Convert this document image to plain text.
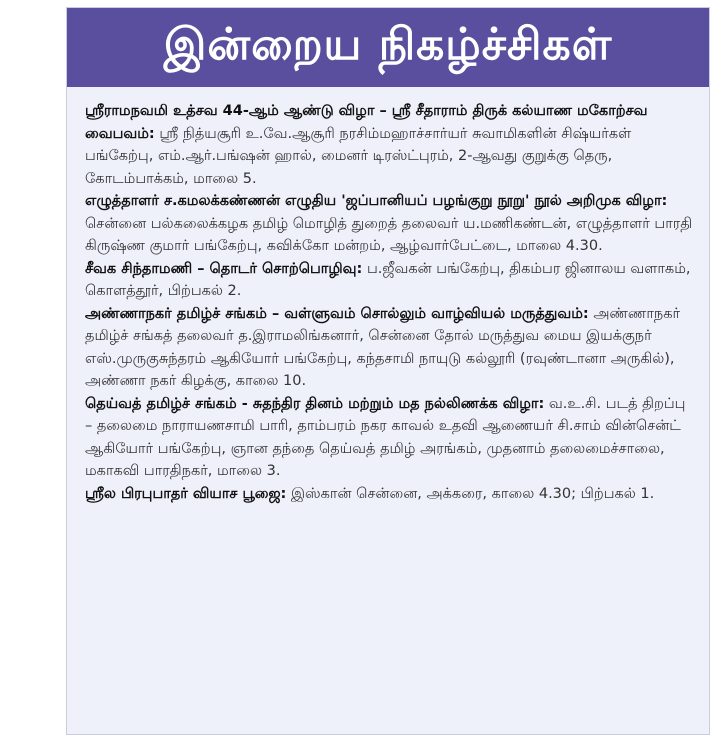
இன்றைய நிகழ்ச்சிகள்

ஸ்ரீராமநவமி உத்சவ 44-ஆம் ஆண்டு விழா – ஸ்ரீ சீதாராம் திருக் கல்யாண மகோற்சவ வைபவம்: ஸ்ரீ நித்யசூரி உ.வே.ஆசூரி நரசிம்மஹாச்சார்யர் சுவாமிகளின் சிஷ்யர்கள் பங்கேற்பு, எம்.ஆர்.பங்ஷன் ஹால், மைனர் டிரஸ்ட்புரம், 2-ஆவது குறுக்கு தெரு, கோடம்பாக்கம், மாலை 5.

எழுத்தாளர் ச.கமலக்கண்ணன் எழுதிய 'ஜப்பானியப் பழங்குறு நூறு' நூல் அறிமுக விழா: சென்னை பல்கலைக்கழக தமிழ் மொழித் துறைத் தலைவர் ய.மணிகண்டன், எழுத்தாளர் பாரதி கிருஷ்ண குமார் பங்கேற்பு, கவிக்கோ மன்றம், ஆழ்வார்பேட்டை, மாலை 4.30.

சீவக சிந்தாமணி – தொடர் சொற்பொழிவு: ப.ஜீவகன் பங்கேற்பு, திகம்பர ஜினாலய வளாகம், கொளத்தூர், பிற்பகல் 2.

அண்ணாநகர் தமிழ்ச் சங்கம் – வள்ளுவம் சொல்லும் வாழ்வியல் மருத்துவம்: அண்ணாநகர் தமிழ்ச் சங்கத் தலைவர் த.இராமலிங்கனார், சென்னை தோல் மருத்துவ மைய இயக்குநர் எஸ்.முருகுசுந்தரம் ஆகியோர் பங்கேற்பு, கந்தசாமி நாயுடு கல்லூரி (ரவுண்டானா அருகில்), அண்ணா நகர் கிழக்கு, காலை 10.

தெய்வத் தமிழ்ச் சங்கம் - சுதந்திர தினம் மற்றும் மத நல்லிணக்க விழா: வ.உ.சி. படத் திறப்பு – தலைமை நாராயணசாமி பாரி, தாம்பரம் நகர காவல் உதவி ஆணையர் சி.சாம் வின்சென்ட் ஆகியோர் பங்கேற்பு, ஞான தந்தை தெய்வத் தமிழ் அரங்கம், முதனாம் தலைமைச்சாலை, மகாகவி பாரதிநகர், மாலை 3.

ஸ்ரீல பிரபுபாதர் வியாச பூஜை: இஸ்கான் சென்னை, அக்கரை, காலை 4.30; பிற்பகல் 1.
